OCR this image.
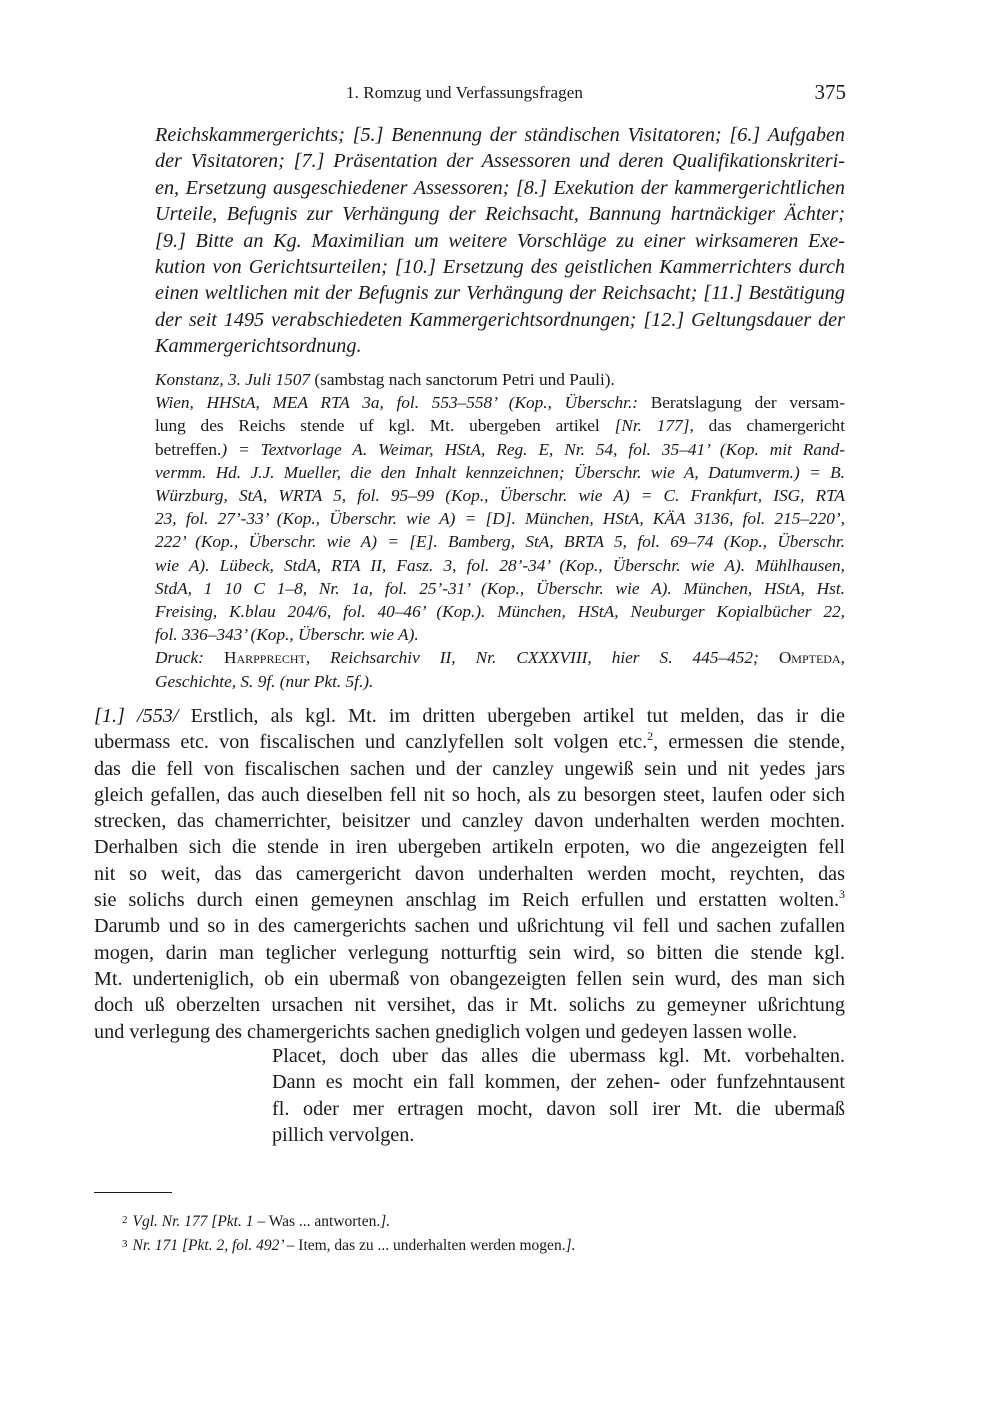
1. Romzug und Verfassungsfragen	375
Reichskammergerichts; [5.] Benennung der ständischen Visitatoren; [6.] Aufgaben
der Visitatoren; [7.] Präsentation der Assessoren und deren Qualifikationskriteri-
en, Ersetzung ausgeschiedener Assessoren; [8.] Exekution der kammergerichtlichen
Urteile, Befugnis zur Verhängung der Reichsacht, Bannung hartnäckiger Ächter;
[9.] Bitte an Kg. Maximilian um weitere Vorschläge zu einer wirksameren Exe-
kution von Gerichtsurteilen; [10.] Ersetzung des geistlichen Kammerrichters durch
einen weltlichen mit der Befugnis zur Verhängung der Reichsacht; [11.] Bestätigung
der seit 1495 verabschiedeten Kammergerichtsordnungen; [12.] Geltungsdauer der
Kammergerichtsordnung.
Konstanz, 3. Juli 1507 (sambstag nach sanctorum Petri und Pauli).
Wien, HHStA, MEA RTA 3a, fol. 553–558’ (Kop., Überschr.: Beratslagung der versam-
lung des Reichs stende uf kgl. Mt. ubergeben artikel [Nr. 177], das chamergericht
betreffen.) = Textvorlage A. Weimar, HStA, Reg. E, Nr. 54, fol. 35–41’ (Kop. mit Rand-
vermm. Hd. J.J. Mueller, die den Inhalt kennzeichnen; Überschr. wie A, Datumverm.) = B.
Würzburg, StA, WRTA 5, fol. 95–99 (Kop., Überschr. wie A) = C. Frankfurt, ISG, RTA
23, fol. 27’-33’ (Kop., Überschr. wie A) = [D]. München, HStA, KÄA 3136, fol. 215–220’,
222’ (Kop., Überschr. wie A) = [E]. Bamberg, StA, BRTA 5, fol. 69–74 (Kop., Überschr.
wie A). Lübeck, StdA, RTA II, Fasz. 3, fol. 28’-34’ (Kop., Überschr. wie A). Mühlhausen,
StdA, 1 10 C 1–8, Nr. 1a, fol. 25’-31’ (Kop., Überschr. wie A). München, HStA, Hst.
Freising, K.blau 204/6, fol. 40–46’ (Kop.). München, HStA, Neuburger Kopialbücher 22,
fol. 336–343’ (Kop., Überschr. wie A).
Druck: Harpprecht, Reichsarchiv II, Nr. CXXXVIII, hier S. 445–452; Ompteda,
Geschichte, S. 9f. (nur Pkt. 5f.).
[1.] /553/ Erstlich, als kgl. Mt. im dritten ubergeben artikel tut melden, das ir die
ubermass etc. von fiscalischen und canzlyfellen solt volgen etc.$^2$, ermessen die stende,
das die fell von fiscalischen sachen und der canzley ungewiß sein und nit yedes jars
gleich gefallen, das auch dieselben fell nit so hoch, als zu besorgen steet, laufen oder sich
strecken, das chamerrichter, beisitzer und canzley davon underhalten werden mochten.
Derhalben sich die stende in iren ubergeben artikeln erpoten, wo die angezeigten fell
nit so weit, das das camergericht davon underhalten werden mocht, reychten, das
sie solichs durch einen gemeynen anschlag im Reich erfullen und erstatten wolten.$^3$
Darumb und so in des camergerichts sachen und ußrichtung vil fell und sachen zufallen
mogen, darin man teglicher verlegung notturftig sein wird, so bitten die stende kgl.
Mt. underteniglich, ob ein ubermaß von obangezeigten fellen sein wurd, des man sich
doch uß oberzelten ursachen nit versihet, das ir Mt. solichs zu gemeyner ußrichtung
und verlegung des chamergerichts sachen gnediglich volgen und gedeyen lassen wolle.
Placet, doch uber das alles die ubermass kgl. Mt. vorbehalten.
Dann es mocht ein fall kommen, der zehen- oder funfzehntausent
fl. oder mer ertragen mocht, davon soll irer Mt. die ubermaß
pillich vervolgen.
2 Vgl. Nr. 177 [Pkt. 1 – Was ... antworten.].
3 Nr. 171 [Pkt. 2, fol. 492’ – Item, das zu ... underhalten werden mogen.].
